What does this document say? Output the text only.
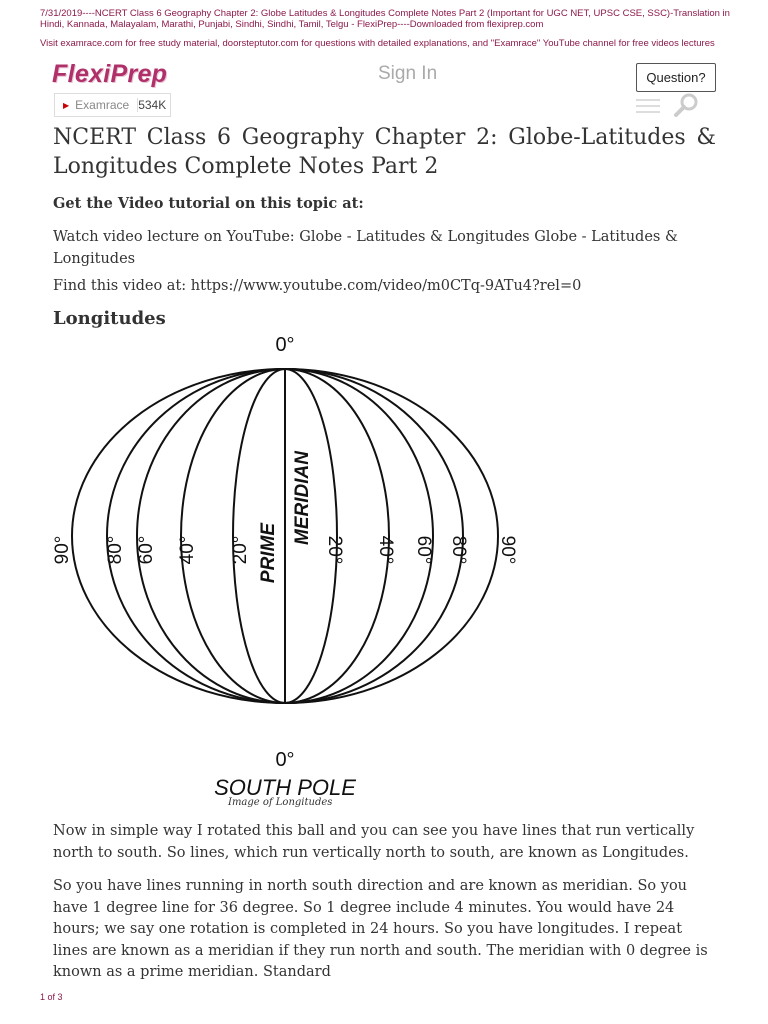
7/31/2019----NCERT Class 6 Geography Chapter 2: Globe Latitudes & Longitudes Complete Notes Part 2 (Important for UGC NET, UPSC CSE, SSC)-Translation in Hindi, Kannada, Malayalam, Marathi, Punjabi, Sindhi, Sindhi, Tamil, Telgu - FlexiPrep----Downloaded from flexiprep.com
Visit examrace.com for free study material, doorsteptutor.com for questions with detailed explanations, and "Examrace" YouTube channel for free videos lectures
FlexiPrep
▶ Examrace 534K
Sign In	Question?
NCERT Class 6 Geography Chapter 2: Globe-Latitudes & Longitudes Complete Notes Part 2

Get the Video tutorial on this topic at:

Watch video lecture on YouTube: Globe - Latitudes & Longitudes Globe - Latitudes & Longitudes

Find this video at: https://www.youtube.com/video/m0CTq-9ATu4?rel=0

Longitudes
0°
0°
SOUTH POLE
PRIME
MERIDIAN
90° 80° 60° 40° 20°	20° 40° 60° 80° 90°
Image of Longitudes

Now in simple way I rotated this ball and you can see you have lines that run vertically north to south. So lines, which run vertically north to south, are known as Longitudes.

So you have lines running in north south direction and are known as meridian. So you have 1 degree line for 36 degree. So 1 degree include 4 minutes. You would have 24 hours; we say one rotation is completed in 24 hours. So you have longitudes. I repeat lines are known as a meridian if they run north and south. The meridian with 0 degree is known as a prime meridian. Standard

1 of 3
